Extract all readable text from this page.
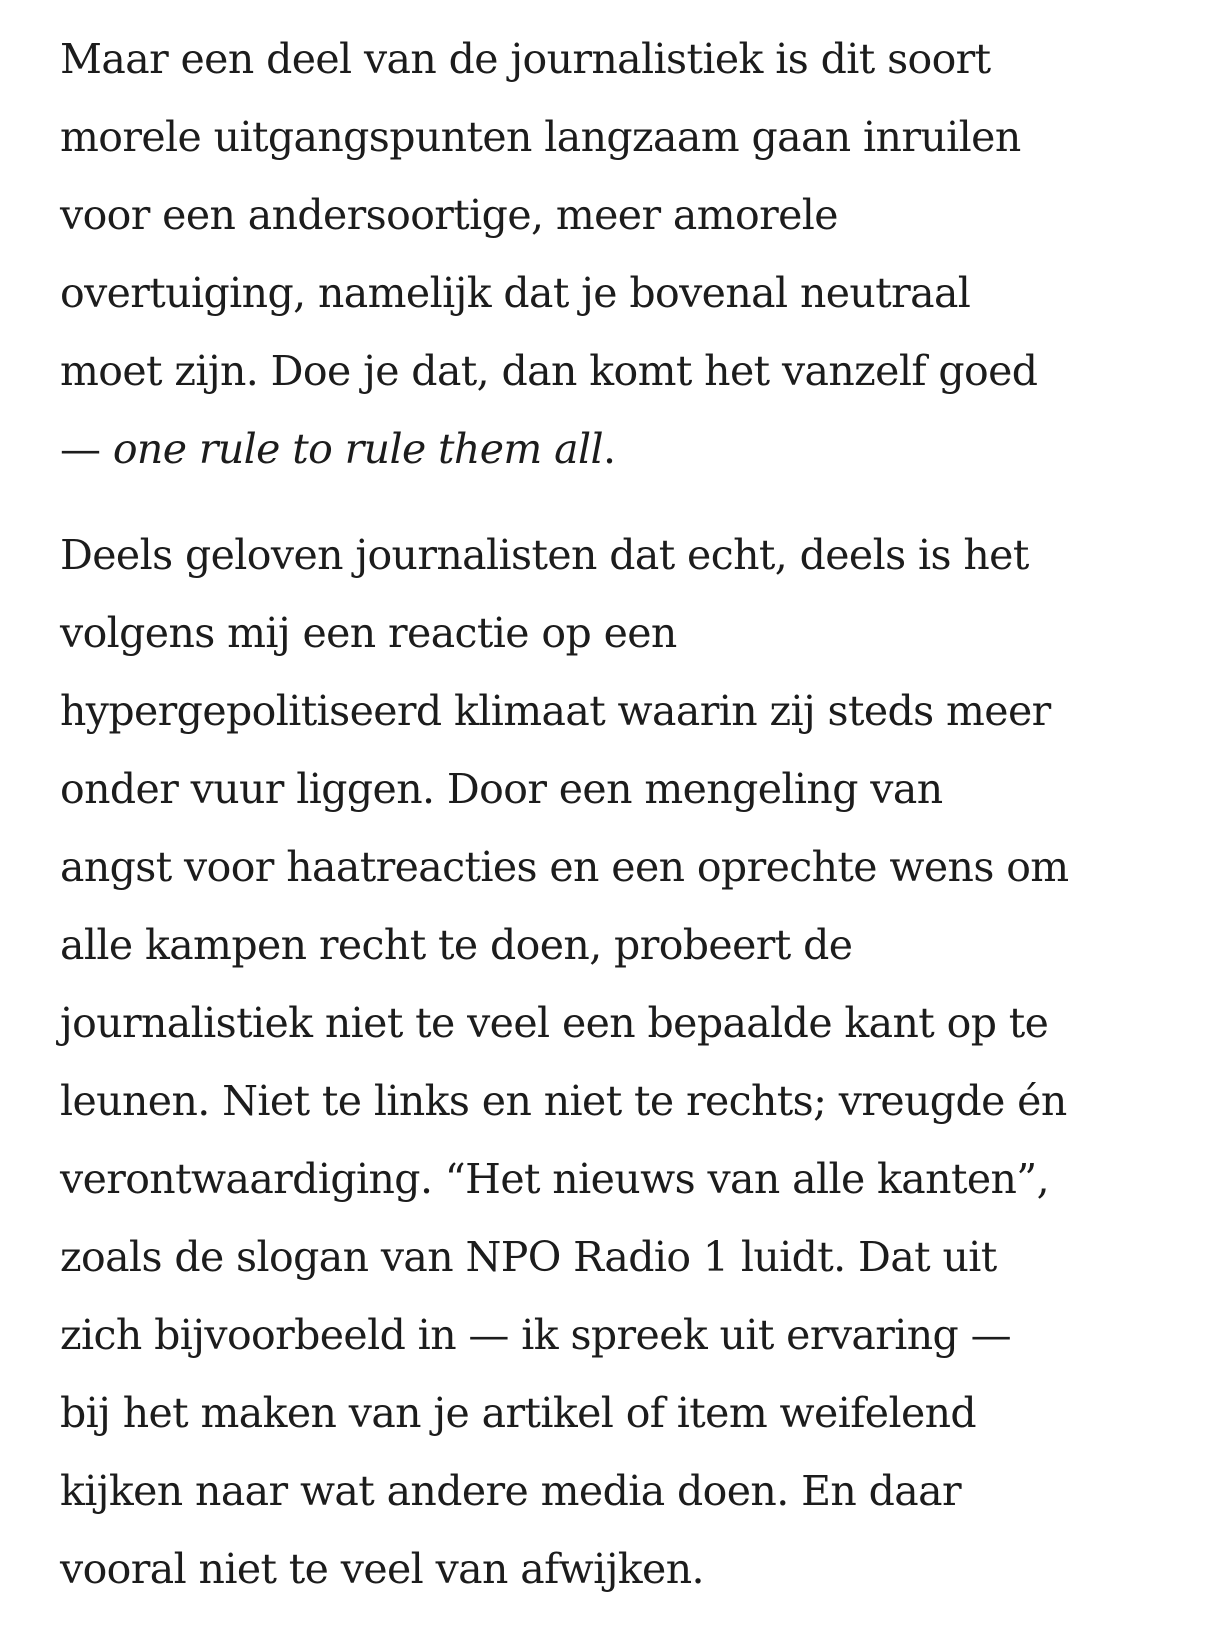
Maar een deel van de journalistiek is dit soort
morele uitgangspunten langzaam gaan inruilen
voor een andersoortige, meer amorele
overtuiging, namelijk dat je bovenal neutraal
moet zijn. Doe je dat, dan komt het vanzelf goed
— one rule to rule them all.

Deels geloven journalisten dat echt, deels is het
volgens mij een reactie op een
hypergepolitiseerd klimaat waarin zij steds meer
onder vuur liggen. Door een mengeling van
angst voor haatreacties en een oprechte wens om
alle kampen recht te doen, probeert de
journalistiek niet te veel een bepaalde kant op te
leunen. Niet te links en niet te rechts; vreugde én
verontwaardiging. “Het nieuws van alle kanten”,
zoals de slogan van NPO Radio 1 luidt. Dat uit
zich bijvoorbeeld in — ik spreek uit ervaring —
bij het maken van je artikel of item weifelend
kijken naar wat andere media doen. En daar
vooral niet te veel van afwijken.
